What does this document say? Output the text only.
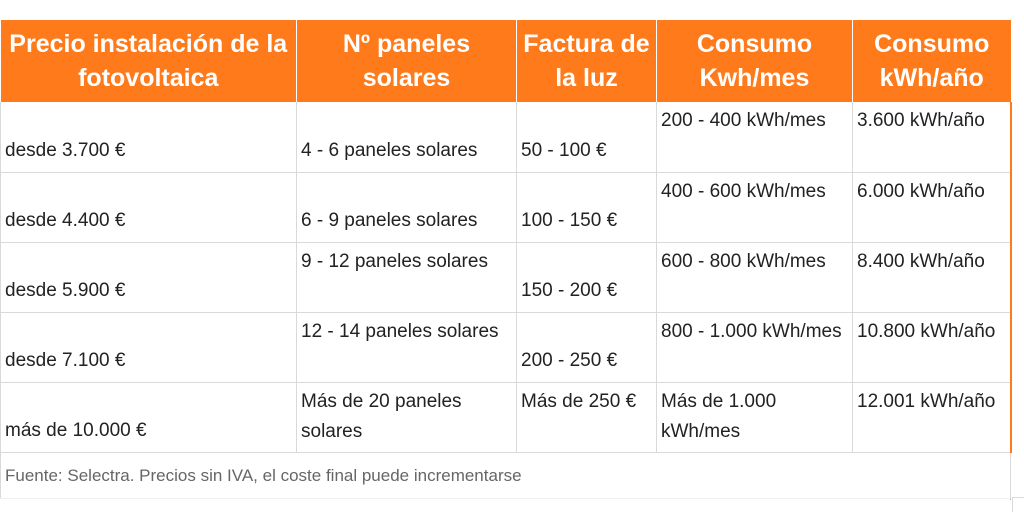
Precio instalación de la fotovoltaica	Nº paneles solares	Factura de la luz	Consumo Kwh/mes	Consumo kWh/año
desde 3.700 €	4 - 6 paneles solares	50 - 100 €	200 - 400 kWh/mes	3.600 kWh/año
desde 4.400 €	6 - 9 paneles solares	100 - 150 €	400 - 600 kWh/mes	6.000 kWh/año
desde 5.900 €	9 - 12 paneles solares	150 - 200 €	600 - 800 kWh/mes	8.400 kWh/año
desde 7.100 €	12 - 14 paneles solares	200 - 250 €	800 - 1.000 kWh/mes	10.800 kWh/año
más de 10.000 €	Más de 20 paneles solares	Más de 250 €	Más de 1.000 kWh/mes	12.001 kWh/año
Fuente: Selectra. Precios sin IVA, el coste final puede incrementarse				
